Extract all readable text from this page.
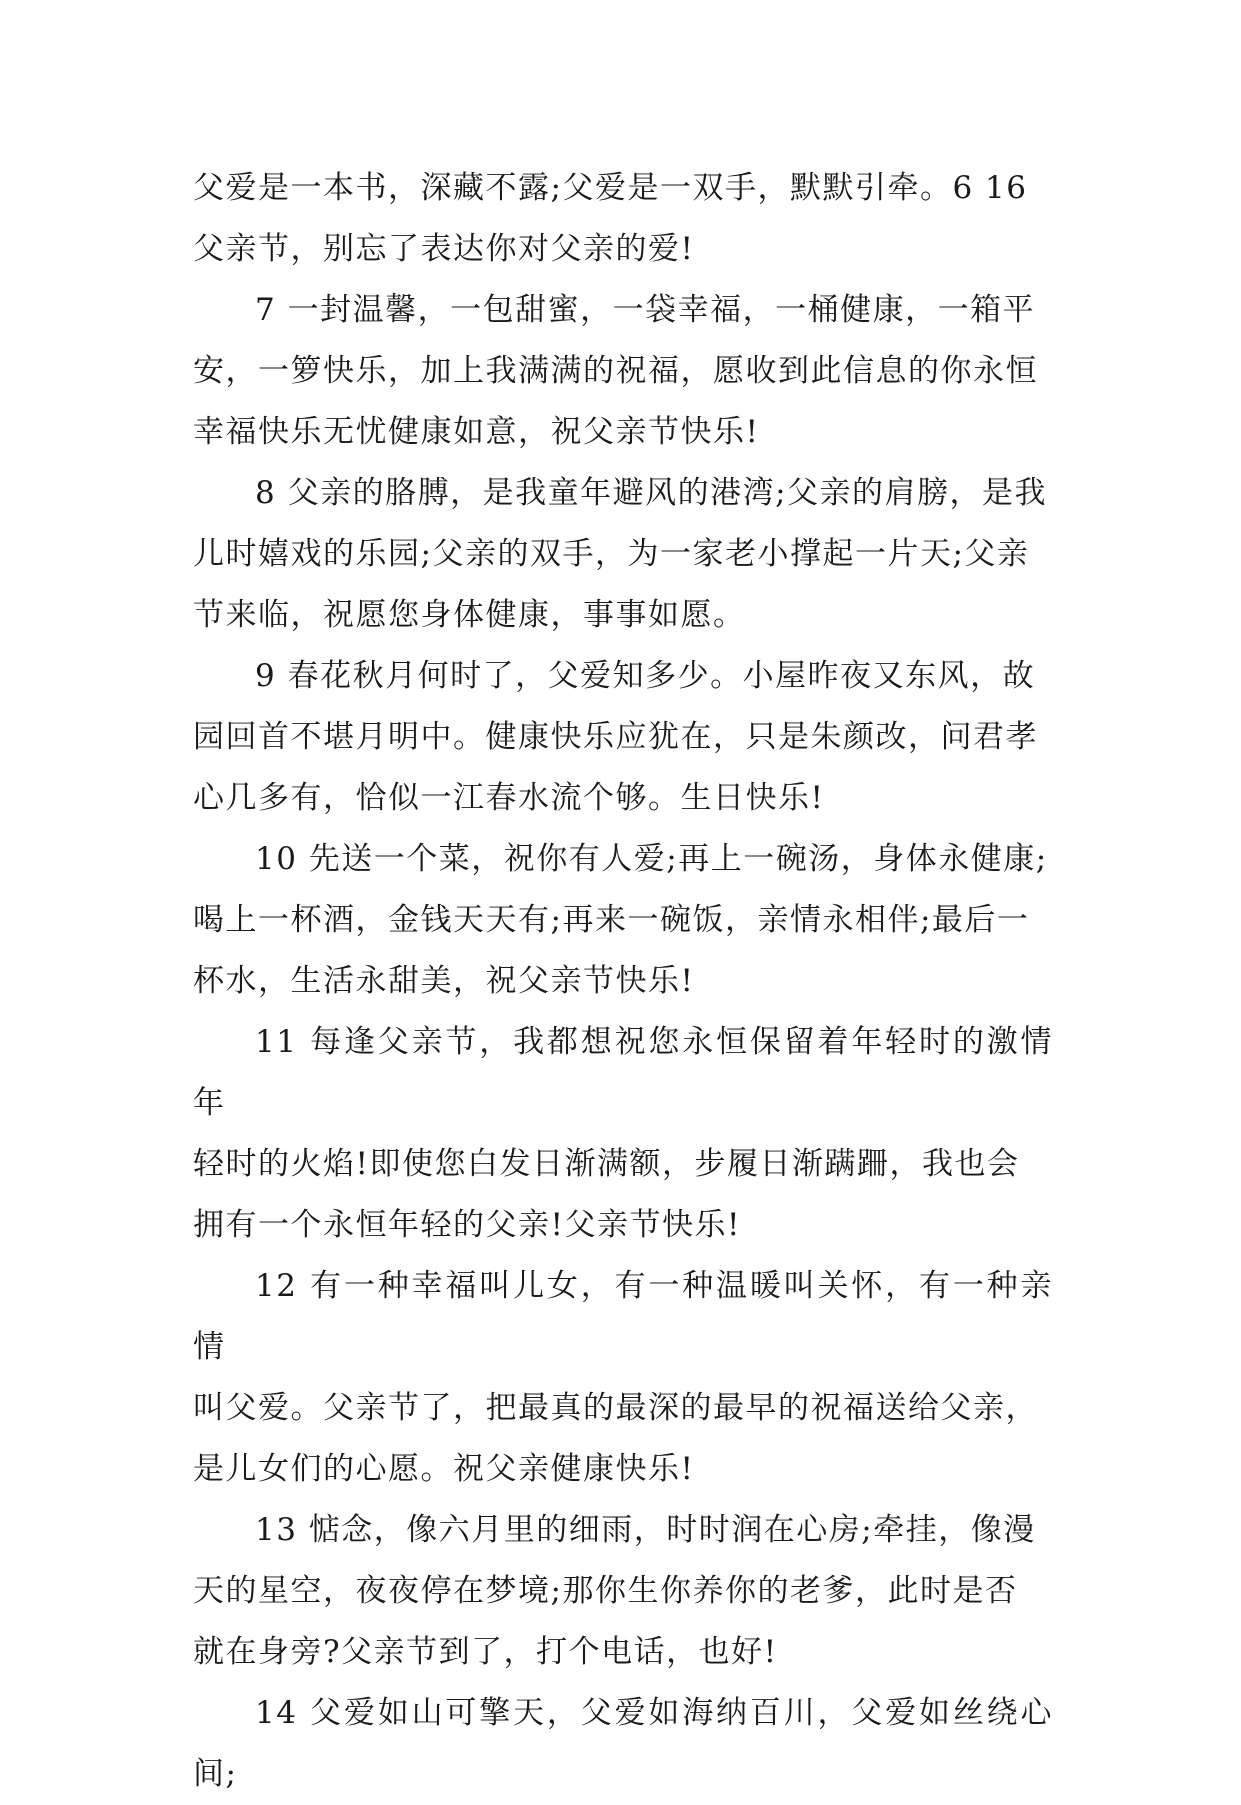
父爱是一本书，深藏不露;父爱是一双手，默默引牵。6 16
父亲节，别忘了表达你对父亲的爱!

7 一封温馨，一包甜蜜，一袋幸福，一桶健康，一箱平
安，一箩快乐，加上我满满的祝福，愿收到此信息的你永恒
幸福快乐无忧健康如意，祝父亲节快乐!

8 父亲的胳膊，是我童年避风的港湾;父亲的肩膀，是我
儿时嬉戏的乐园;父亲的双手，为一家老小撑起一片天;父亲
节来临，祝愿您身体健康，事事如愿。

9 春花秋月何时了，父爱知多少。小屋昨夜又东风，故
园回首不堪月明中。健康快乐应犹在，只是朱颜改，问君孝
心几多有，恰似一江春水流个够。生日快乐!

10 先送一个菜，祝你有人爱;再上一碗汤，身体永健康;
喝上一杯酒，金钱天天有;再来一碗饭，亲情永相伴;最后一
杯水，生活永甜美，祝父亲节快乐!

11 每逢父亲节，我都想祝您永恒保留着年轻时的激情年
轻时的火焰!即使您白发日渐满额，步履日渐蹒跚，我也会
拥有一个永恒年轻的父亲!父亲节快乐!

12 有一种幸福叫儿女，有一种温暖叫关怀，有一种亲情
叫父爱。父亲节了，把最真的最深的最早的祝福送给父亲，
是儿女们的心愿。祝父亲健康快乐!

13 惦念，像六月里的细雨，时时润在心房;牵挂，像漫
天的星空，夜夜停在梦境;那你生你养你的老爹，此时是否
就在身旁?父亲节到了，打个电话，也好!

14 父爱如山可擎天，父爱如海纳百川，父爱如丝绕心间;
